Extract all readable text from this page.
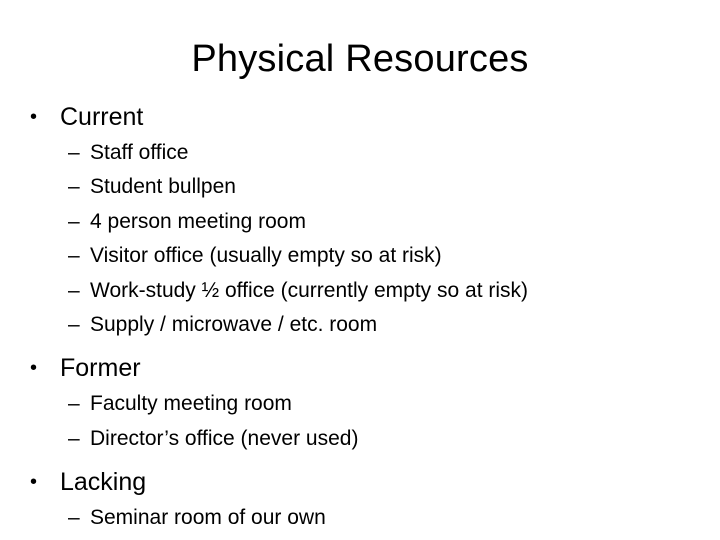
Physical Resources
• Current
– Staff office
– Student bullpen
– 4 person meeting room
– Visitor office (usually empty so at risk)
– Work-study ½ office (currently empty so at risk)
– Supply / microwave / etc. room
• Former
– Faculty meeting room
– Director’s office (never used)
• Lacking
– Seminar room of our own
